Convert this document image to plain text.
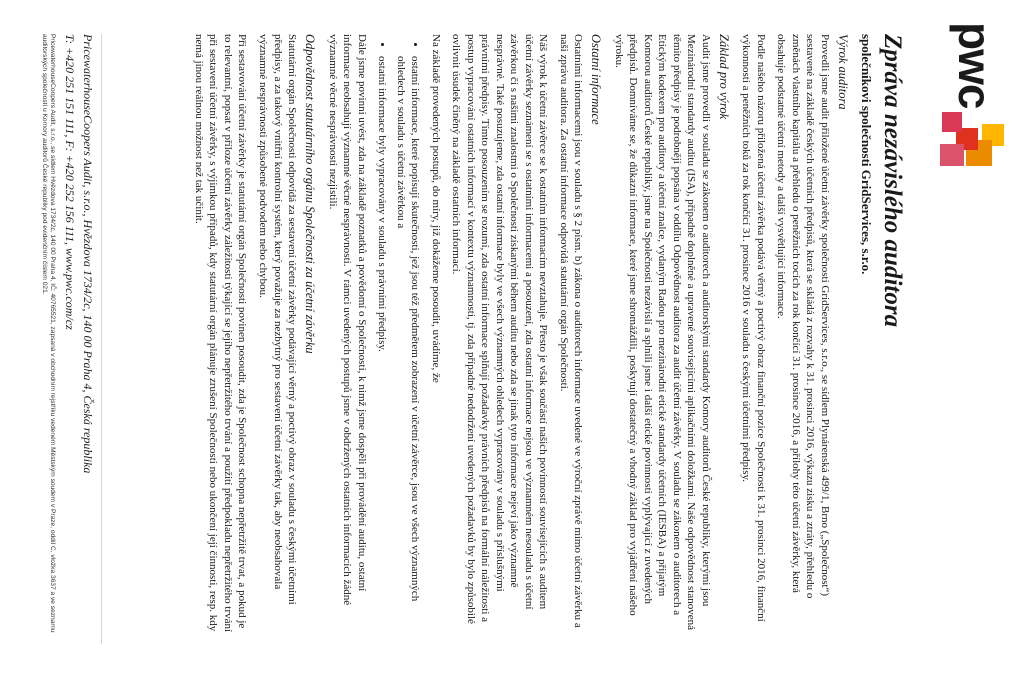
pwc
Zpráva nezávislého auditora
společníkovi společnosti GridServices, s.r.o.
Výrok auditora

Provedli jsme audit přiložené účetní závěrky společnosti GridServices, s.r.o., se sídlem Plynárenská 499/1, Brno („Společnost“) sestavené na základě českých účetních předpisů, která se skládá z rozvahy k 31. prosinci 2016, výkazu zisku a ztráty, přehledu o změnách vlastního kapitálu a přehledu o peněžních tocích za rok končící 31. prosince 2016, a přílohy této účetní závěrky, která obsahuje podstatné účetní metody a další vysvětlující informace.

Podle našeho názoru přiložená účetní závěrka podává věrný a poctivý obraz finanční pozice Společnosti k 31. prosinci 2016, finanční výkonnosti a peněžních toků za rok končící 31. prosince 2016 v souladu s českými účetními předpisy.

Základ pro výrok

Audit jsme provedli v souladu se zákonem o auditorech a auditorskými standardy Komory auditorů České republiky, kterými jsou Mezinárodní standardy auditu (ISA), případně doplněné a upravené souvisejícími aplikačními doložkami. Naše odpovědnost stanovená těmito předpisy je podrobněji popsána v oddílu Odpovědnost auditora za audit účetní závěrky. V souladu se zákonem o auditorech a Etickým kodexem pro auditory a účetní znalce, vydaným Radou pro mezinárodní etické standardy účetních (IESBA) a přijatým Komorou auditorů České republiky, jsme na Společnosti nezávislí a splnili jsme i další etické povinnosti vyplývající z uvedených předpisů. Domníváme se, že důkazní informace, které jsme shromáždili, poskytují dostatečný a vhodný základ pro vyjádření našeho výroku.

Ostatní informace

Ostatními informacemi jsou v souladu s § 2 písm. b) zákona o auditorech informace uvedené ve výroční zprávě mimo účetní závěrku a naši zprávu auditora. Za ostatní informace odpovídá statutární orgán Společnosti.

Náš výrok k účetní závěrce se k ostatním informacím nevztahuje. Přesto je však součástí našich povinností souvisejících s auditem účetní závěrky seznámení se s ostatními informacemi a posouzení, zda ostatní informace nejsou ve významném nesouladu s účetní závěrkou či s našimi znalostmi o Společnosti získanými během auditu nebo zda se jinak tyto informace nejeví jako významně nesprávné. Také posuzujeme, zda ostatní informace byly ve všech významných ohledech vypracovány v souladu s příslušnými právními předpisy. Tímto posouzením se rozumí, zda ostatní informace splňují požadavky právních předpisů na formální náležitosti a postup vypracování ostatních informací v kontextu významnosti, tj. zda případné nedodržení uvedených požadavků by bylo způsobilé ovlivnit úsudek činěný na základě ostatních informací.

Na základě provedených postupů, do míry, již dokážeme posoudit, uvádíme, že

• ostatní informace, které popisují skutečnosti, jež jsou též předmětem zobrazení v účetní závěrce, jsou ve všech významných ohledech v souladu s účetní závěrkou a
• ostatní informace byly vypracovány v souladu s právními předpisy.

Dále jsme povinni uvést, zda na základě poznatků a povědomí o Společnosti, k nimž jsme dospěli při provádění auditu, ostatní informace neobsahují významné věcné nesprávnosti. V rámci uvedených postupů jsme v obdržených ostatních informacích žádné významné věcné nesprávnosti nezjistili.

Odpovědnost statutárního orgánu Společnosti za účetní závěrku

Statutární orgán Společnosti odpovídá za sestavení účetní závěrky podávající věrný a poctivý obraz v souladu s českými účetními předpisy, a za takový vnitřní kontrolní systém, který považuje za nezbytný pro sestavení účetní závěrky tak, aby neobsahovala významné nesprávnosti způsobené podvodem nebo chybou.

Při sestavování účetní závěrky je statutární orgán Společnosti povinen posoudit, zda je Společnost schopna nepřetržitě trvat, a pokud je to relevantní, popsat v příloze účetní závěrky záležitosti týkající se jejího nepřetržitého trvání a použití předpokladu nepřetržitého trvání při sestavení účetní závěrky, s výjimkou případů, kdy statutární orgán plánuje zrušení Společnosti nebo ukončení její činnosti, resp. kdy nemá jinou reálnou možnost než tak učinit.

PricewaterhouseCoopers Audit, s.r.o., Hvězdova 1734/2c, 140 00 Praha 4, Česká republika
T: +420 251 151 111, F: +420 252 156 111, www.pwc.com/cz
PricewaterhouseCoopers Audit, s.r.o., se sídlem Hvězdova 1734/2c, 140 00 Praha 4, IČ: 40765521, zapsaná v obchodním rejstříku vedeném Městským soudem v Praze, oddíl C, vložka 3637 a ve seznamu auditorských společností u Komory auditorů České republiky pod evidenčním číslem 021.
